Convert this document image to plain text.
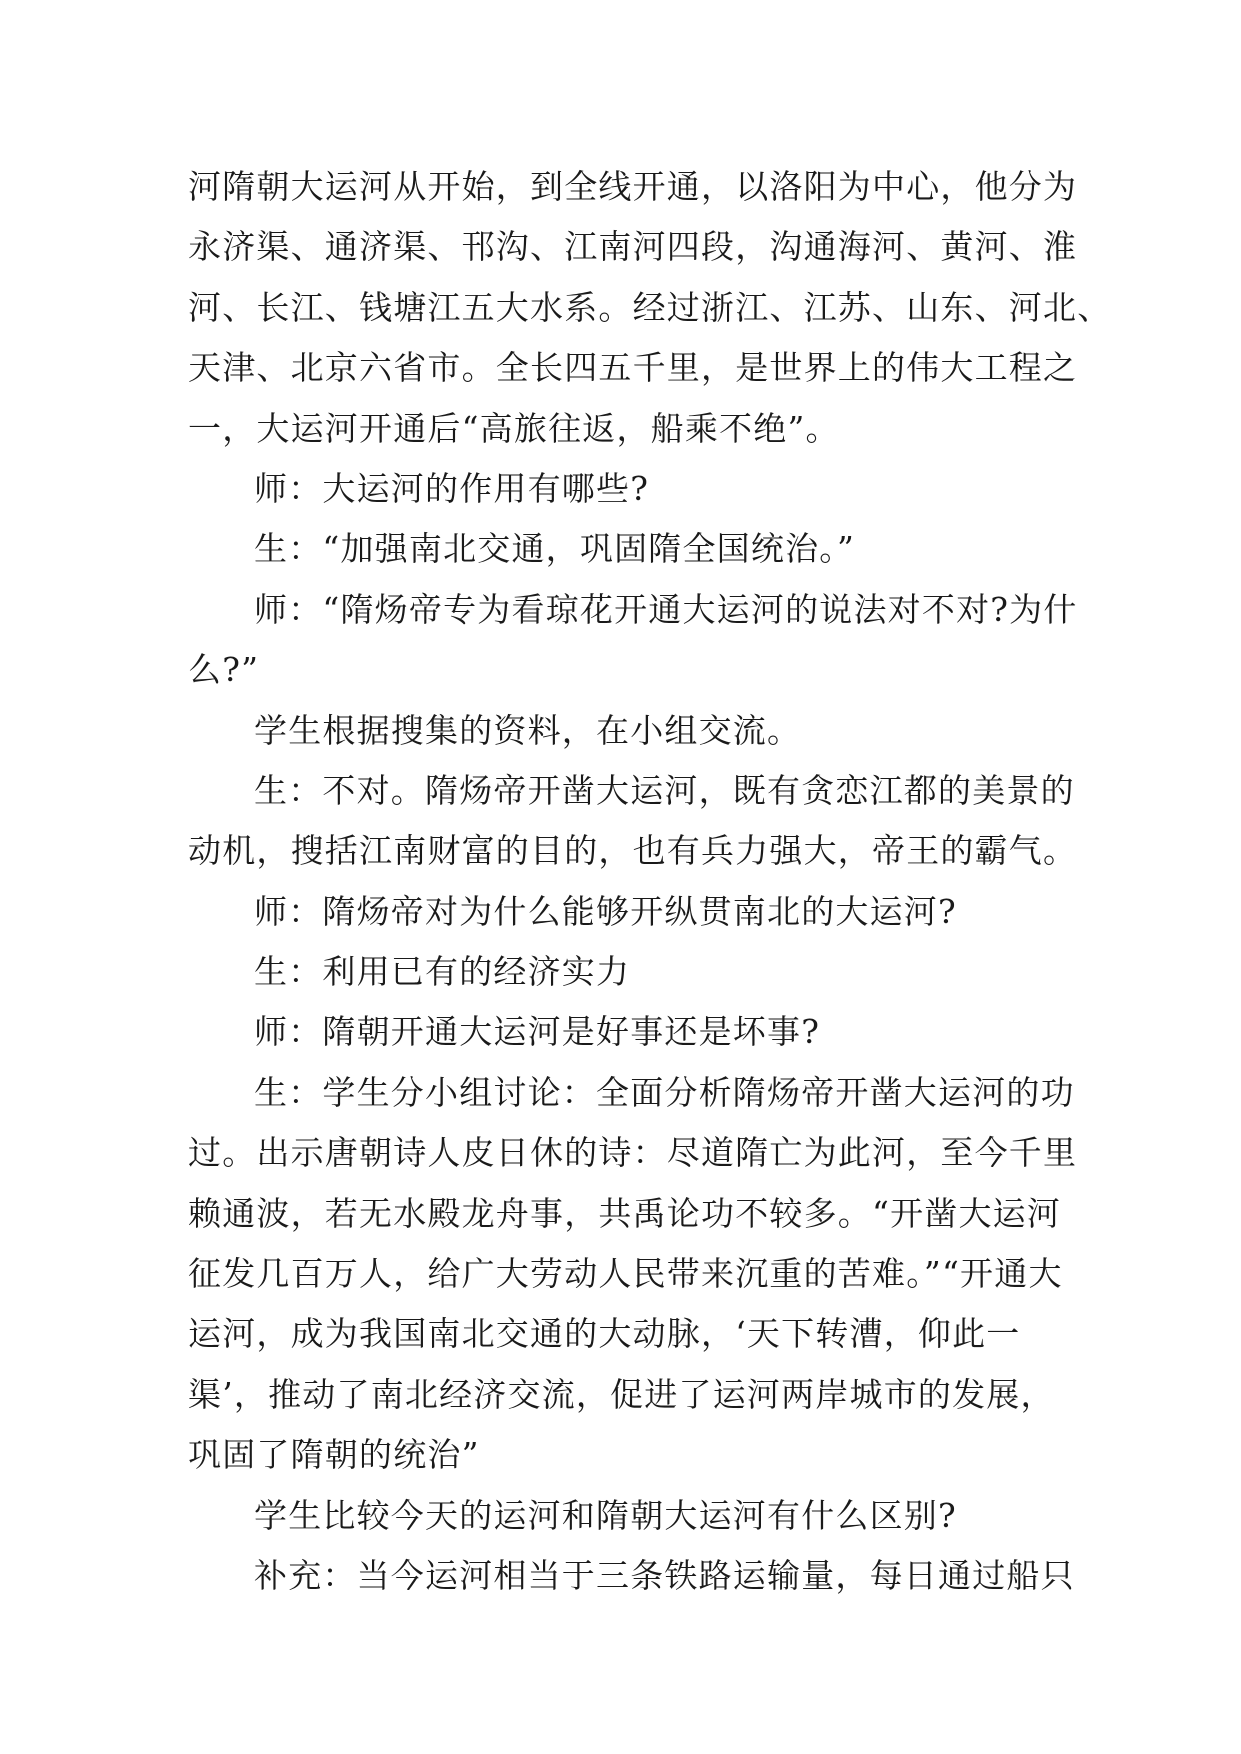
河隋朝大运河从开始，到全线开通，以洛阳为中心，他分为
永济渠、通济渠、邗沟、江南河四段，沟通海河、黄河、淮
河、长江、钱塘江五大水系。经过浙江、江苏、山东、河北、
天津、北京六省市。全长四五千里，是世界上的伟大工程之
一，大运河开通后“高旅往返，船乘不绝”。
师：大运河的作用有哪些?
生：“加强南北交通，巩固隋全国统治。”
师：“隋炀帝专为看琼花开通大运河的说法对不对?为什
么?”
学生根据搜集的资料，在小组交流。
生：不对。隋炀帝开凿大运河，既有贪恋江都的美景的
动机，搜括江南财富的目的，也有兵力强大，帝王的霸气。
师：隋炀帝对为什么能够开纵贯南北的大运河?
生：利用已有的经济实力
师：隋朝开通大运河是好事还是坏事?
生：学生分小组讨论：全面分析隋炀帝开凿大运河的功
过。出示唐朝诗人皮日休的诗：尽道隋亡为此河，至今千里
赖通波，若无水殿龙舟事，共禹论功不较多。“开凿大运河
征发几百万人，给广大劳动人民带来沉重的苦难。”“开通大
运河，成为我国南北交通的大动脉，‘天下转漕，仰此一
渠’，推动了南北经济交流，促进了运河两岸城市的发展，
巩固了隋朝的统治”
学生比较今天的运河和隋朝大运河有什么区别?
补充：当今运河相当于三条铁路运输量，每日通过船只
